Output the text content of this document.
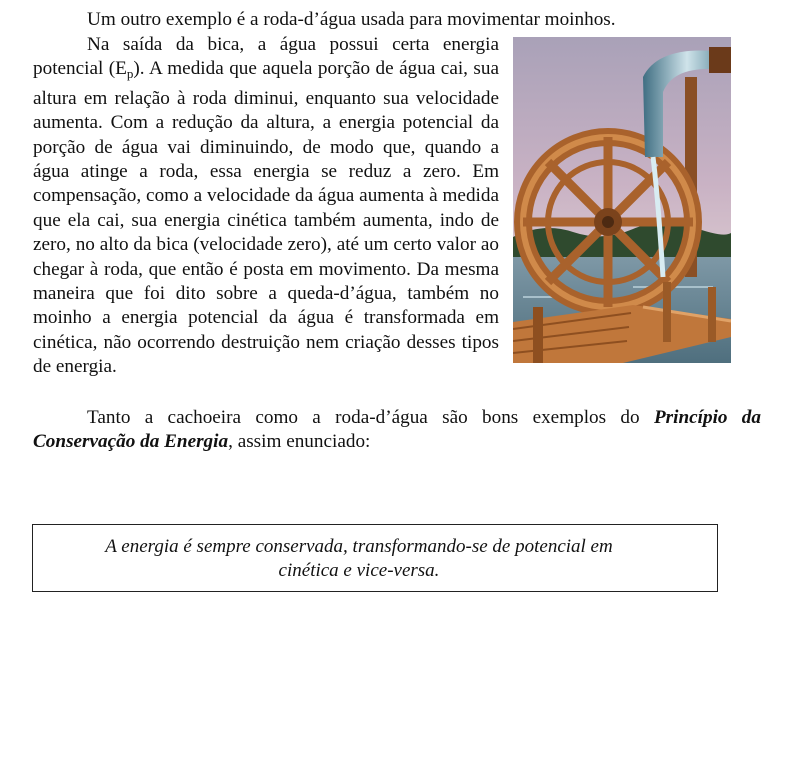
Um outro exemplo é a roda-d’água usada para movimentar moinhos.
Na saída da bica, a água possui certa energia potencial $(E_p)$. A medida que aquela porção de água cai, sua altura em relação à roda diminui, enquanto sua velocidade aumenta. Com a redução da altura, a energia potencial da porção de água vai diminuindo, de modo que, quando a água atinge a roda, essa energia se reduz a zero. Em compensação, como a velocidade da água aumenta à medida que ela cai, sua energia cinética também aumenta, indo de zero, no alto da bica (velocidade zero), até um certo valor ao chegar à roda, que então é posta em movimento. Da mesma maneira que foi dito sobre a queda-d’água, também no moinho a energia potencial da água é transformada em cinética, não ocorrendo destruição nem criação desses tipos de energia.
Tanto a cachoeira como a roda-d’água são bons exemplos do Princípio da Conservação da Energia, assim enunciado:
A energia é sempre conservada, transformando-se de potencial em
cinética e vice-versa.
